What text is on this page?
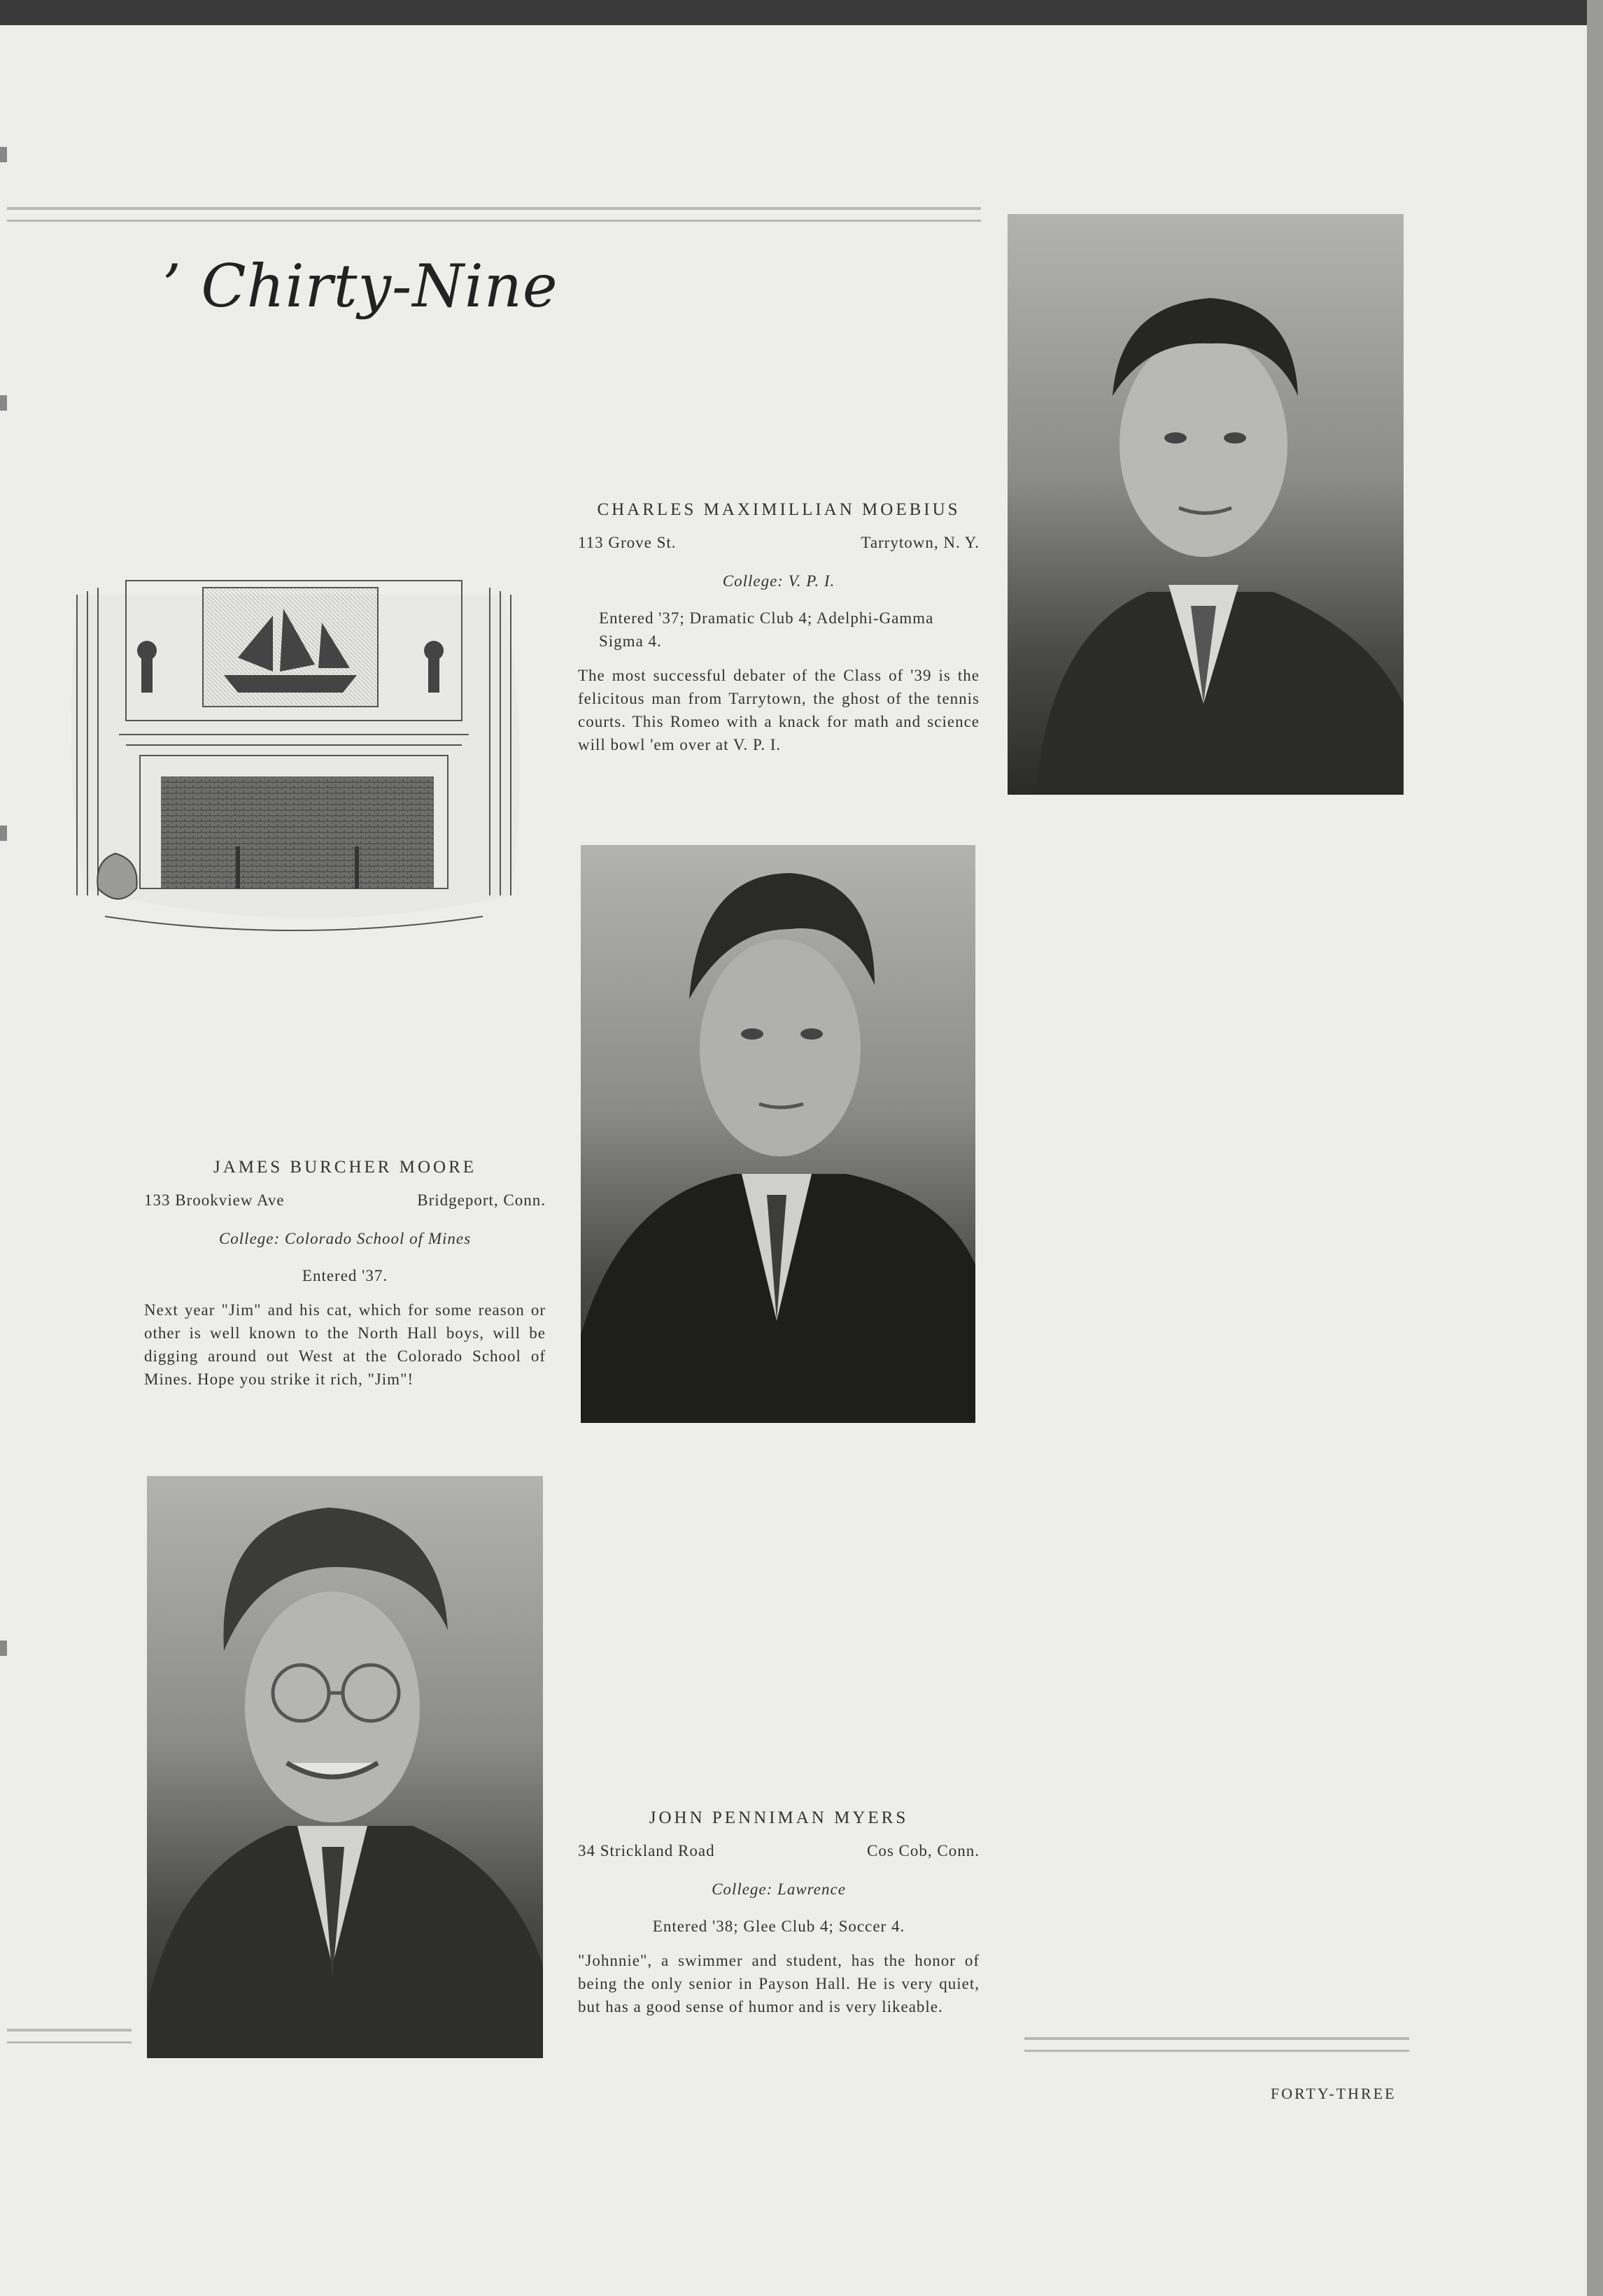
’ Chirty-Nine
CHARLES MAXIMILLIAN MOEBIUS
113 Grove St.	Tarrytown, N. Y.
College: V. P. I.
Entered '37; Dramatic Club 4; Adelphi-Gamma Sigma 4.
The most successful debater of the Class of '39 is the felicitous man from Tarrytown, the ghost of the tennis courts. This Romeo with a knack for math and science will bowl 'em over at V. P. I.
JAMES BURCHER MOORE
133 Brookview Ave	Bridgeport, Conn.
College: Colorado School of Mines
Entered '37.
Next year "Jim" and his cat, which for some reason or other is well known to the North Hall boys, will be digging around out West at the Colorado School of Mines. Hope you strike it rich, "Jim"!
JOHN PENNIMAN MYERS
34 Strickland Road	Cos Cob, Conn.
College: Lawrence
Entered '38; Glee Club 4; Soccer 4.
"Johnnie", a swimmer and student, has the honor of being the only senior in Payson Hall. He is very quiet, but has a good sense of humor and is very likeable.
FORTY-THREE
